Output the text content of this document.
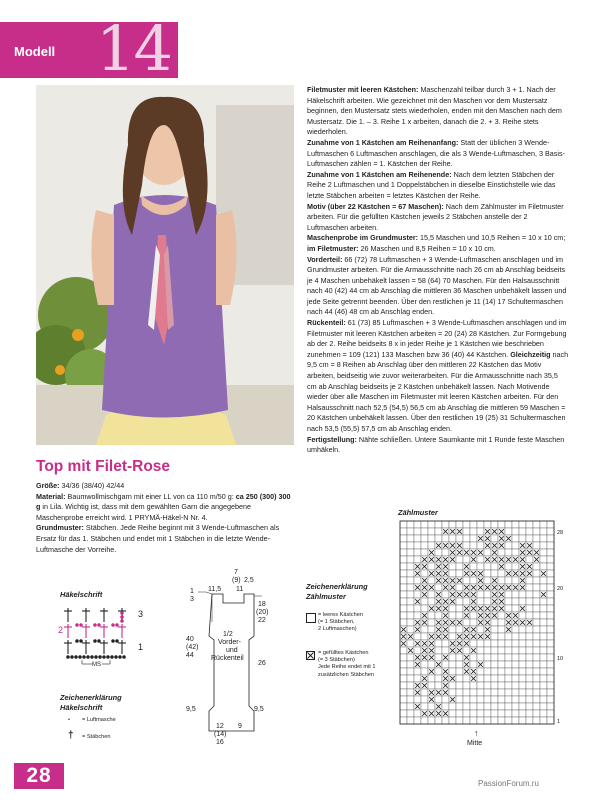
Modell 14
Top mit Filet-Rose

Größe: 34/36 (38/40) 42/44

Material: Baumwollmischgarn mit einer LL von ca 110 m/50 g: ca 250 (300) 300 g in Lila. Wichtig ist, dass mit dem gewählten Garn die angegebene Maschenprobe erreicht wird. 1 PRYMÄ-Häkel-N Nr. 4.

Grundmuster: Stäbchen. Jede Reihe beginnt mit 3 Wende-Luftmaschen als Ersatz für das 1. Stäbchen und endet mit 1 Stäbchen in die letzte Wende-Luftmasche der Vorreihe.

Filetmuster mit leeren Kästchen: Maschenzahl teilbar durch 3 + 1. Nach der Häkelschrift arbeiten. Wie gezeichnet mit den Maschen vor dem Mustersatz beginnen, den Mustersatz stets wiederholen, enden mit den Maschen nach dem Mustersatz. Die 1. – 3. Reihe 1 x arbeiten, danach die 2. + 3. Reihe stets wiederholen.

Zunahme von 1 Kästchen am Reihenanfang: Statt der üblichen 3 Wende-Luftmaschen 6 Luftmaschen anschlagen, die als 3 Wende-Luftmaschen, 3 Basis-Luftmaschen zählen = 1. Kästchen der Reihe.

Zunahme von 1 Kästchen am Reihenende: Nach dem letzten Stäbchen der Reihe 2 Luftmaschen und 1 Doppelstäbchen in dieselbe Einstichstelle wie das letzte Stäbchen arbeiten = letztes Kästchen der Reihe.

Motiv (über 22 Kästchen = 67 Maschen): Nach dem Zählmuster im Filetmuster arbeiten. Für die gefüllten Kästchen jeweils 2 Stäbchen anstelle der 2 Luftmaschen arbeiten.

Maschenprobe im Grundmuster: 15,5 Maschen und 10,5 Reihen = 10 x 10 cm; im Filetmuster: 26 Maschen und 8,5 Reihen = 10 x 10 cm.

Vorderteil: 66 (72) 78 Luftmaschen + 3 Wende-Luftmaschen anschlagen und im Grundmuster arbeiten. Für die Armausschnitte nach 26 cm ab Anschlag beidseits je 4 Maschen unbehäkelt lassen = 58 (64) 70 Maschen. Für den Halsausschnitt nach 40 (42) 44 cm ab Anschlag die mittleren 36 Maschen unbehäkelt lassen und jede Seite getrennt beenden. Über den restlichen je 11 (14) 17 Schultermaschen nach 44 (46) 48 cm ab Anschlag enden.

Rückenteil: 61 (73) 85 Luftmaschen + 3 Wende-Luftmaschen anschlagen und im Filetmuster mit leeren Kästchen arbeiten = 20 (24) 28 Kästchen. Zur Formgebung ab der 2. Reihe beidseits 8 x in jeder Reihe je 1 Kästchen wie beschrieben zunehmen = 109 (121) 133 Maschen bzw 36 (40) 44 Kästchen. Gleichzeitig nach 9,5 cm = 8 Reihen ab Anschlag über den mittleren 22 Kästchen das Motiv arbeiten, beidseitig wie zuvor weiterarbeiten. Für die Armausschnitte nach 35,5 cm ab Anschlag beidseits je 2 Kästchen unbehäkelt lassen. Nach Motivende wieder über alle Maschen im Filetmuster mit leeren Kästchen arbeiten. Für den Halsausschnitt nach 52,5 (54,5) 56,5 cm ab Anschlag die mittleren 59 Maschen = 20 Kästchen unbehäkelt lassen. Über den restlichen 19 (25) 31 Schultermaschen nach 53,5 (55,5) 57,5 cm ab Anschlag enden.

Fertigstellung: Nähte schließen. Untere Saumkante mit 1 Runde feste Maschen umhäkeln.

Häkelschrift
3
2
1
MS
Zeichenerklärung
Häkelschrift
• = Luftmasche
† = Stäbchen
7
(9) 2,5
11,5 11
1
3
40
(42)
44
18
(20)
22
26
1/2
Vorder-
und
Rückenteil
9,5	9,5
12
(14)
16
9
Zeichenerklärung
Zählmuster
= leeres Kästchen
(= 1 Stäbchen,
2 Luftmaschen)
= gefülltes Kästchen
(= 3 Stäbchen)
Jede Reihe endet mit 1
zusätzlichen Stäbchen
Zählmuster
28
20
10
1
↑
Mitte
28	PassionForum.ru
